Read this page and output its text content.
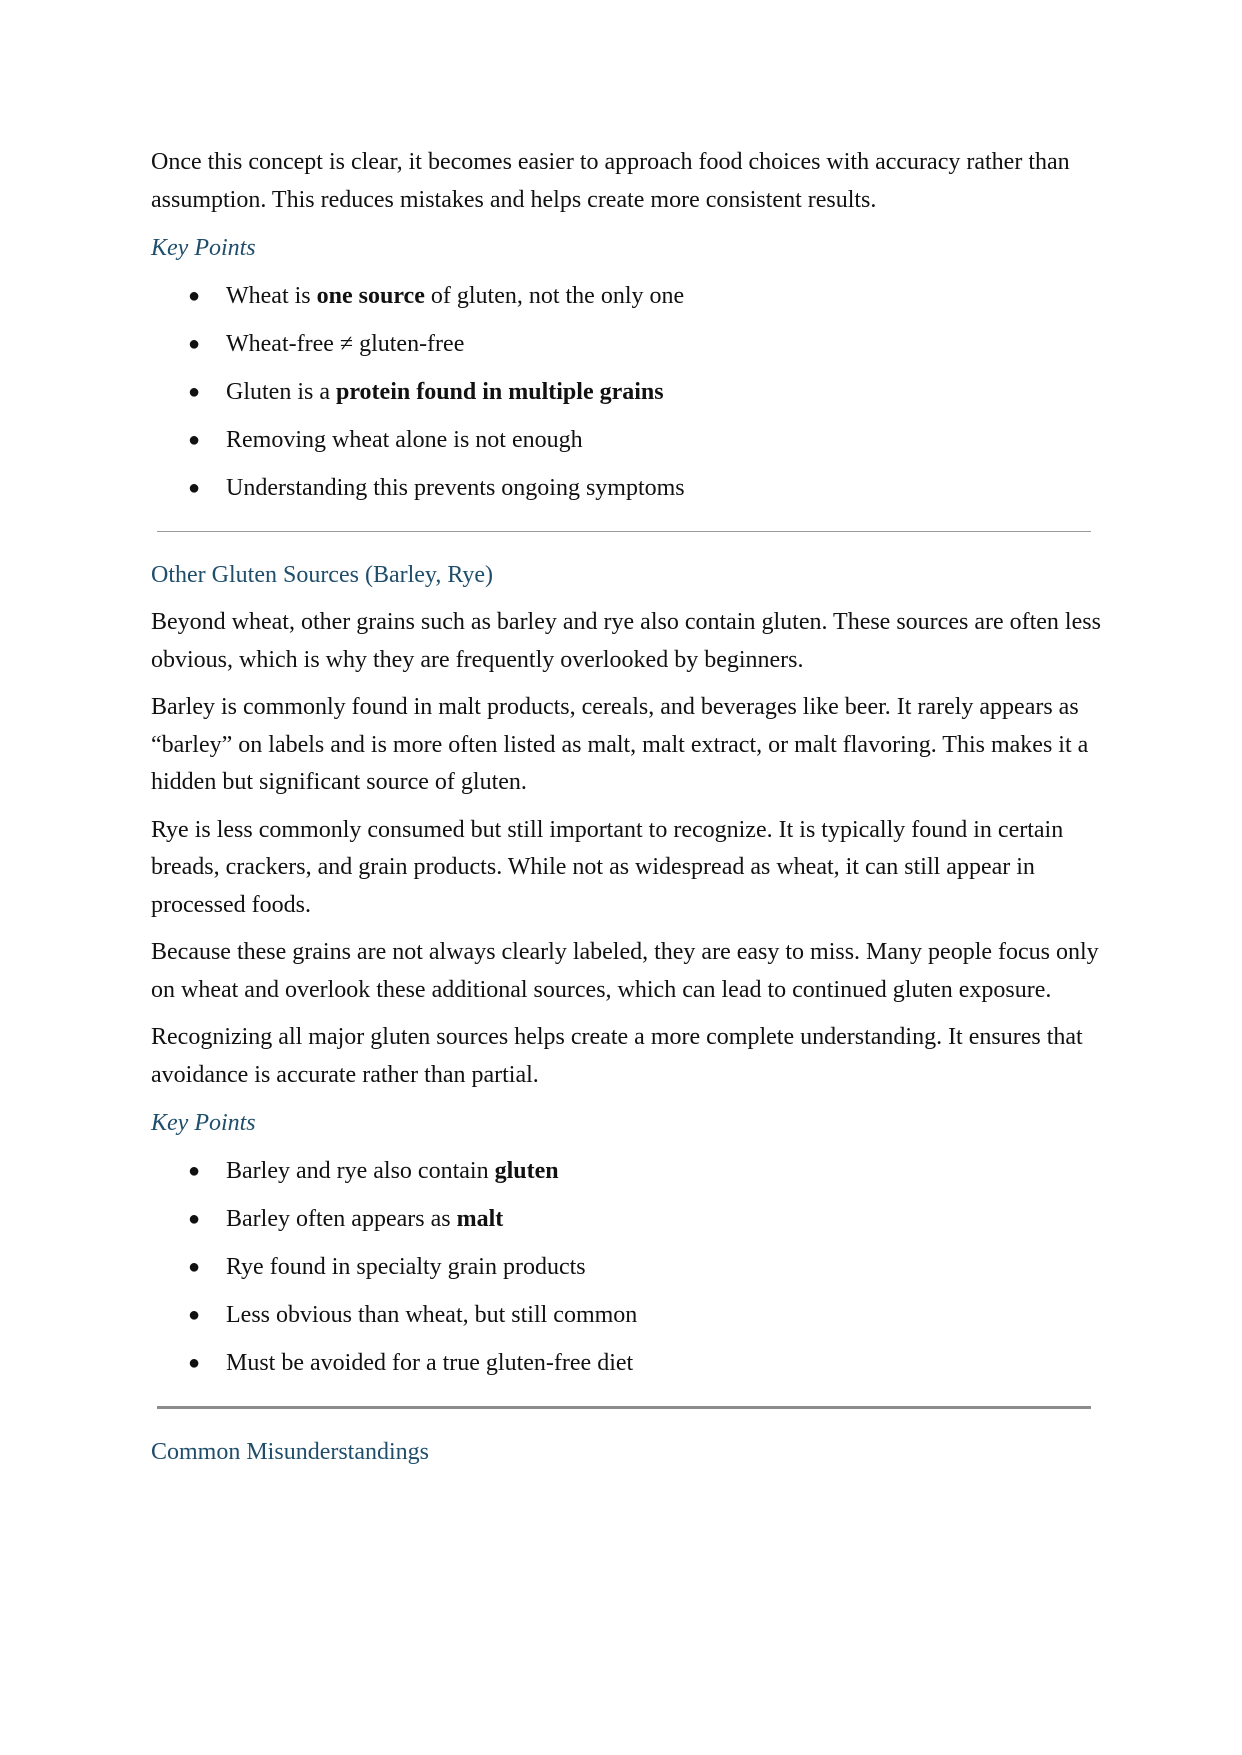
Once this concept is clear, it becomes easier to approach food choices with accuracy rather than assumption. This reduces mistakes and helps create more consistent results.

Key Points
● Wheat is one source of gluten, not the only one
● Wheat-free ≠ gluten-free
● Gluten is a protein found in multiple grains
● Removing wheat alone is not enough
● Understanding this prevents ongoing symptoms
Other Gluten Sources (Barley, Rye)

Beyond wheat, other grains such as barley and rye also contain gluten. These sources are often less obvious, which is why they are frequently overlooked by beginners.

Barley is commonly found in malt products, cereals, and beverages like beer. It rarely appears as “barley” on labels and is more often listed as malt, malt extract, or malt flavoring. This makes it a hidden but significant source of gluten.

Rye is less commonly consumed but still important to recognize. It is typically found in certain breads, crackers, and grain products. While not as widespread as wheat, it can still appear in processed foods.

Because these grains are not always clearly labeled, they are easy to miss. Many people focus only on wheat and overlook these additional sources, which can lead to continued gluten exposure.

Recognizing all major gluten sources helps create a more complete understanding. It ensures that avoidance is accurate rather than partial.

Key Points
● Barley and rye also contain gluten
● Barley often appears as malt
● Rye found in specialty grain products
● Less obvious than wheat, but still common
● Must be avoided for a true gluten-free diet
Common Misunderstandings
